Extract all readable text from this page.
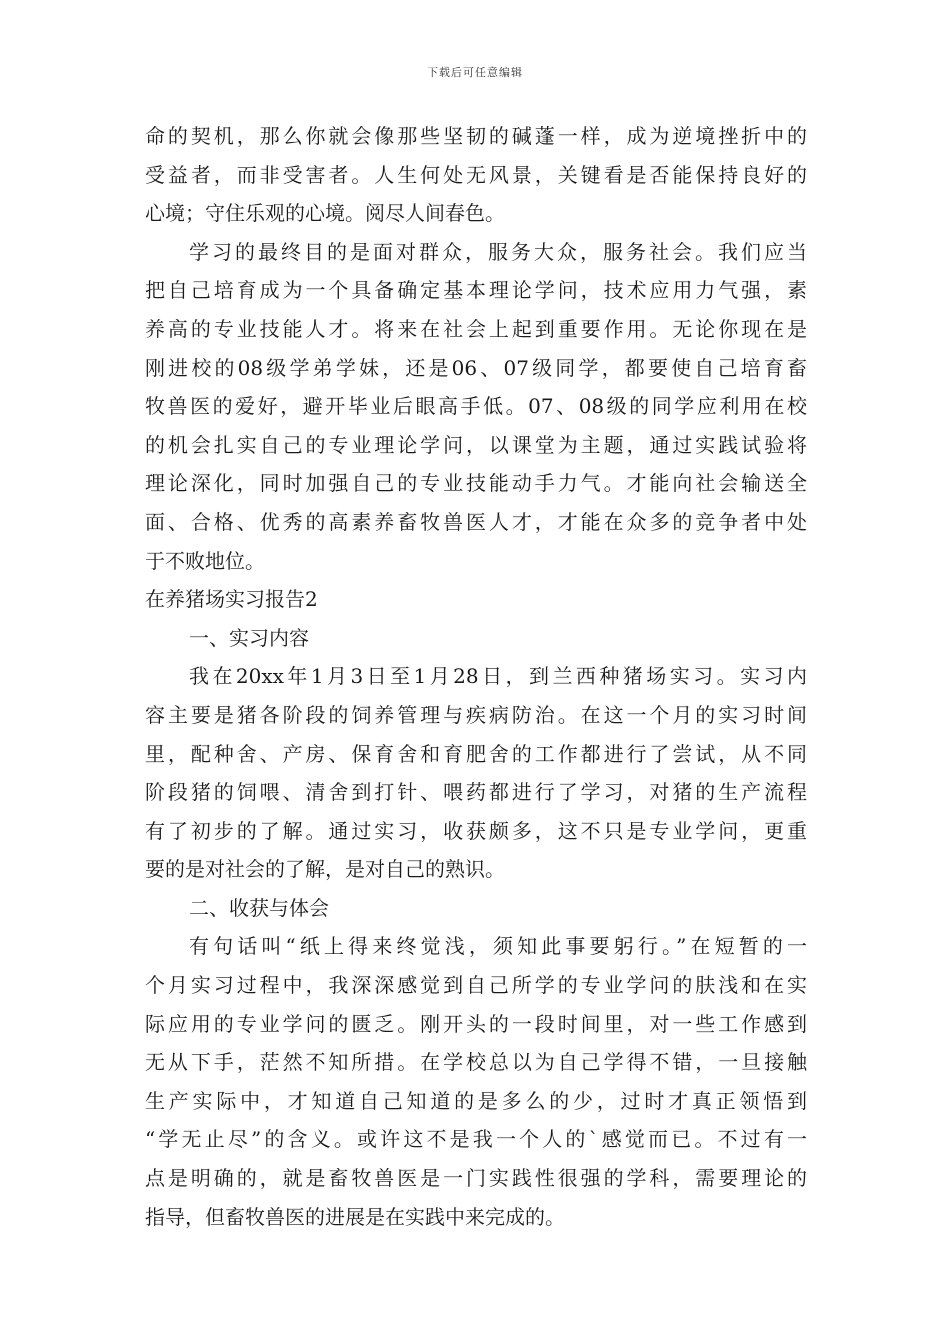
下载后可任意编辑
命的契机，那么你就会像那些坚韧的碱蓬一样，成为逆境挫折中的
受益者，而非受害者。人生何处无风景，关键看是否能保持良好的
心境；守住乐观的心境。阅尽人间春色。
学习的最终目的是面对群众，服务大众，服务社会。我们应当
把自己培育成为一个具备确定基本理论学问，技术应用力气强，素
养高的专业技能人才。将来在社会上起到重要作用。无论你现在是
刚进校的08级学弟学妹，还是06、07级同学，都要使自己培育畜
牧兽医的爱好，避开毕业后眼高手低。07、08级的同学应利用在校
的机会扎实自己的专业理论学问，以课堂为主题，通过实践试验将
理论深化，同时加强自己的专业技能动手力气。才能向社会输送全
面、合格、优秀的高素养畜牧兽医人才，才能在众多的竞争者中处
于不败地位。
在养猪场实习报告2
一、实习内容
我在20xx年1月3日至1月28日，到兰西种猪场实习。实习内
容主要是猪各阶段的饲养管理与疾病防治。在这一个月的实习时间
里，配种舍、产房、保育舍和育肥舍的工作都进行了尝试，从不同
阶段猪的饲喂、清舍到打针、喂药都进行了学习，对猪的生产流程
有了初步的了解。通过实习，收获颇多，这不只是专业学问，更重
要的是对社会的了解，是对自己的熟识。
二、收获与体会
有句话叫“纸上得来终觉浅，须知此事要躬行。”在短暂的一
个月实习过程中，我深深感觉到自己所学的专业学问的肤浅和在实
际应用的专业学问的匮乏。刚开头的一段时间里，对一些工作感到
无从下手，茫然不知所措。在学校总以为自己学得不错，一旦接触
生产实际中，才知道自己知道的是多么的少，过时才真正领悟到
“学无止尽”的含义。或许这不是我一个人的`感觉而已。不过有一
点是明确的，就是畜牧兽医是一门实践性很强的学科，需要理论的
指导，但畜牧兽医的进展是在实践中来完成的。
